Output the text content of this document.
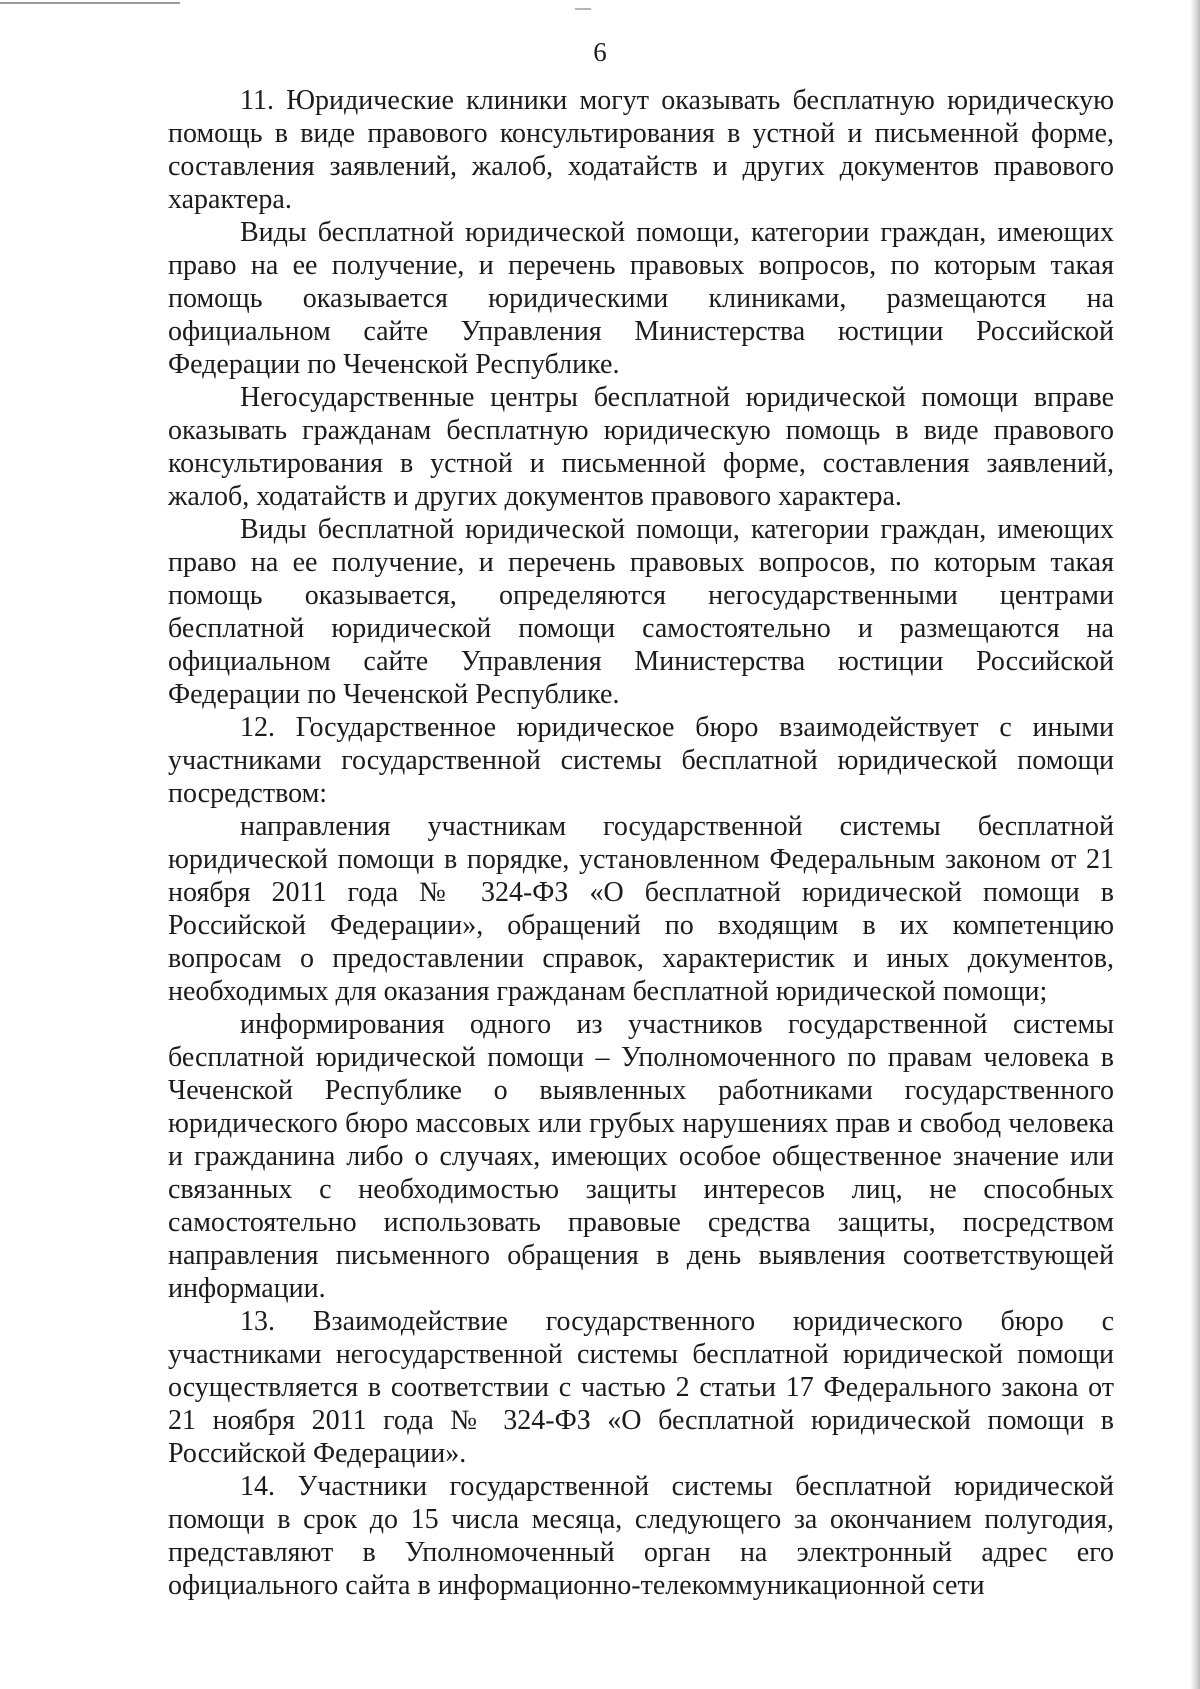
6

11. Юридические клиники могут оказывать бесплатную юридическую помощь в виде правового консультирования в устной и письменной форме, составления заявлений, жалоб, ходатайств и других документов правового характера.

Виды бесплатной юридической помощи, категории граждан, имеющих право на ее получение, и перечень правовых вопросов, по которым такая помощь оказывается юридическими клиниками, размещаются на официальном сайте Управления Министерства юстиции Российской Федерации по Чеченской Республике.

Негосударственные центры бесплатной юридической помощи вправе оказывать гражданам бесплатную юридическую помощь в виде правового консультирования в устной и письменной форме, составления заявлений, жалоб, ходатайств и других документов правового характера.

Виды бесплатной юридической помощи, категории граждан, имеющих право на ее получение, и перечень правовых вопросов, по которым такая помощь оказывается, определяются негосударственными центрами бесплатной юридической помощи самостоятельно и размещаются на официальном сайте Управления Министерства юстиции Российской Федерации по Чеченской Республике.

12. Государственное юридическое бюро взаимодействует с иными участниками государственной системы бесплатной юридической помощи посредством:

направления участникам государственной системы бесплатной юридической помощи в порядке, установленном Федеральным законом от 21 ноября 2011 года № 324-ФЗ «О бесплатной юридической помощи в Российской Федерации», обращений по входящим в их компетенцию вопросам о предоставлении справок, характеристик и иных документов, необходимых для оказания гражданам бесплатной юридической помощи;

информирования одного из участников государственной системы бесплатной юридической помощи – Уполномоченного по правам человека в Чеченской Республике о выявленных работниками государственного юридического бюро массовых или грубых нарушениях прав и свобод человека и гражданина либо о случаях, имеющих особое общественное значение или связанных с необходимостью защиты интересов лиц, не способных самостоятельно использовать правовые средства защиты, посредством направления письменного обращения в день выявления соответствующей информации.

13. Взаимодействие государственного юридического бюро с участниками негосударственной системы бесплатной юридической помощи осуществляется в соответствии с частью 2 статьи 17 Федерального закона от 21 ноября 2011 года № 324-ФЗ «О бесплатной юридической помощи в Российской Федерации».

14. Участники государственной системы бесплатной юридической помощи в срок до 15 числа месяца, следующего за окончанием полугодия, представляют в Уполномоченный орган на электронный адрес его официального сайта в информационно-телекоммуникационной сети
